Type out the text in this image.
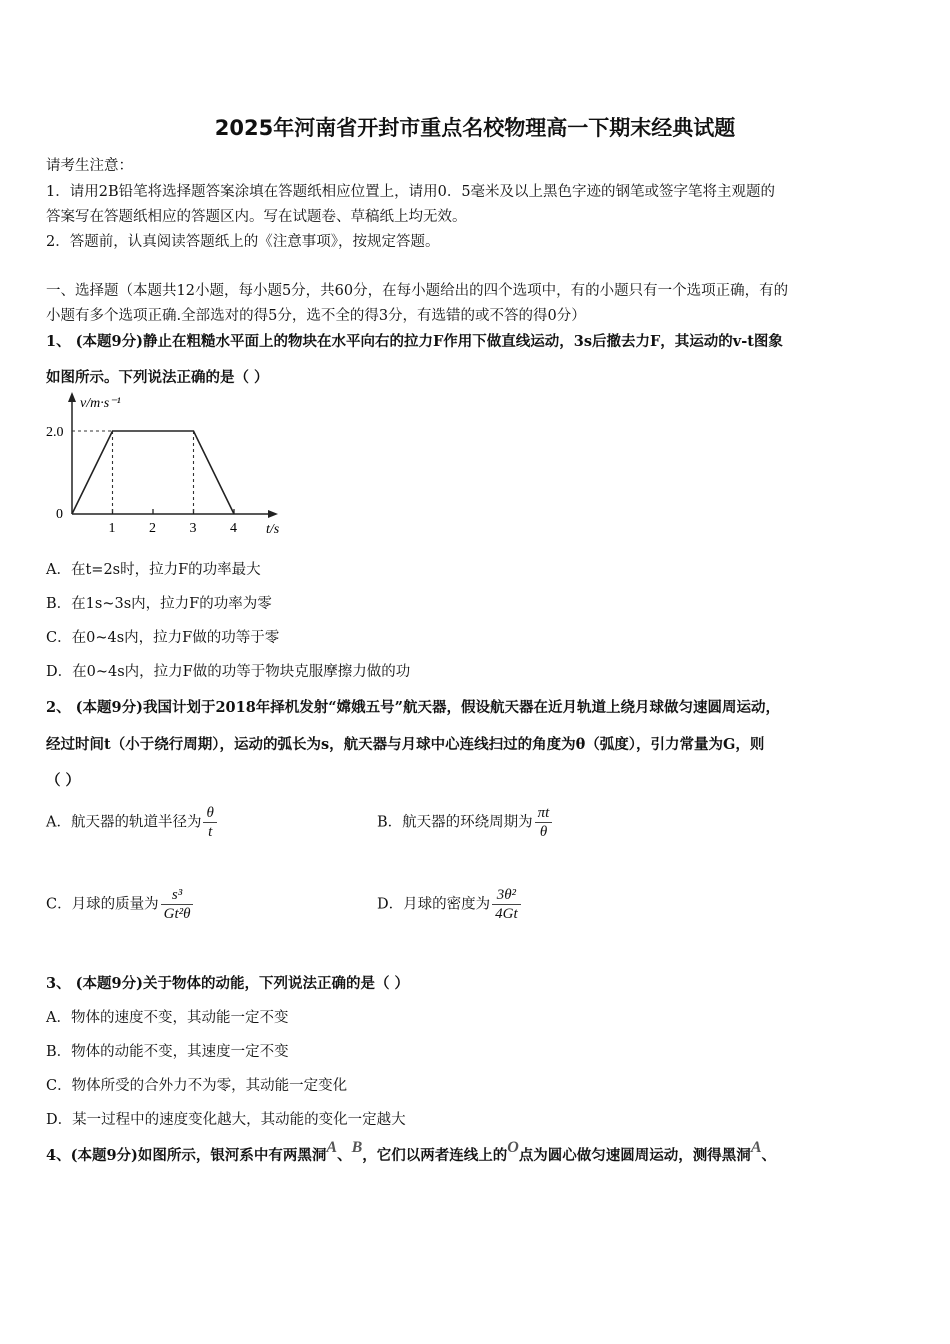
2025年河南省开封市重点名校物理高一下期末经典试题
请考生注意：
1．请用2B铅笔将选择题答案涂填在答题纸相应位置上，请用0．5毫米及以上黑色字迹的钢笔或签字笔将主观题的
答案写在答题纸相应的答题区内。写在试题卷、草稿纸上均无效。
2．答题前，认真阅读答题纸上的《注意事项》，按规定答题。
一、选择题（本题共12小题，每小题5分，共60分，在每小题给出的四个选项中，有的小题只有一个选项正确，有的
小题有多个选项正确.全部选对的得5分，选不全的得3分，有选错的或不答的得0分）
1、 (本题9分)静止在粗糙水平面上的物块在水平向右的拉力F作用下做直线运动，3s后撤去力F，其运动的v-t图象
如图所示。下列说法正确的是（ ）
v/m·s⁻¹
t/s
0
1 2 3 4
2.0
A．在t=2s时，拉力F的功率最大
B．在1s~3s内，拉力F的功率为零
C．在0~4s内，拉力F做的功等于零
D．在0~4s内，拉力F做的功等于物块克服摩擦力做的功
2、 (本题9分)我国计划于2018年择机发射“嫦娥五号”航天器，假设航天器在近月轨道上绕月球做匀速圆周运动，
经过时间t（小于绕行周期），运动的弧长为s，航天器与月球中心连线扫过的角度为θ（弧度），引力常量为G，则
（ ）
A．航天器的轨道半径为 $\frac{\theta}{t}$	B．航天器的环绕周期为 $\frac{\pi t}{\theta}$
C．月球的质量为 $\frac{\text{s³}}{\text{Gt²θ}}$	D．月球的密度为 $\frac{\text{3θ²}}{4Gt}$
3、 (本题9分)关于物体的动能，下列说法正确的是（ ）
A．物体的速度不变，其动能一定不变
B．物体的动能不变，其速度一定不变
C．物体所受的合外力不为零，其动能一定变化
D．某一过程中的速度变化越大，其动能的变化一定越大
4、(本题9分)如图所示，银河系中有两黑洞A、B，它们以两者连线上的O点为圆心做匀速圆周运动，测得黑洞A、
